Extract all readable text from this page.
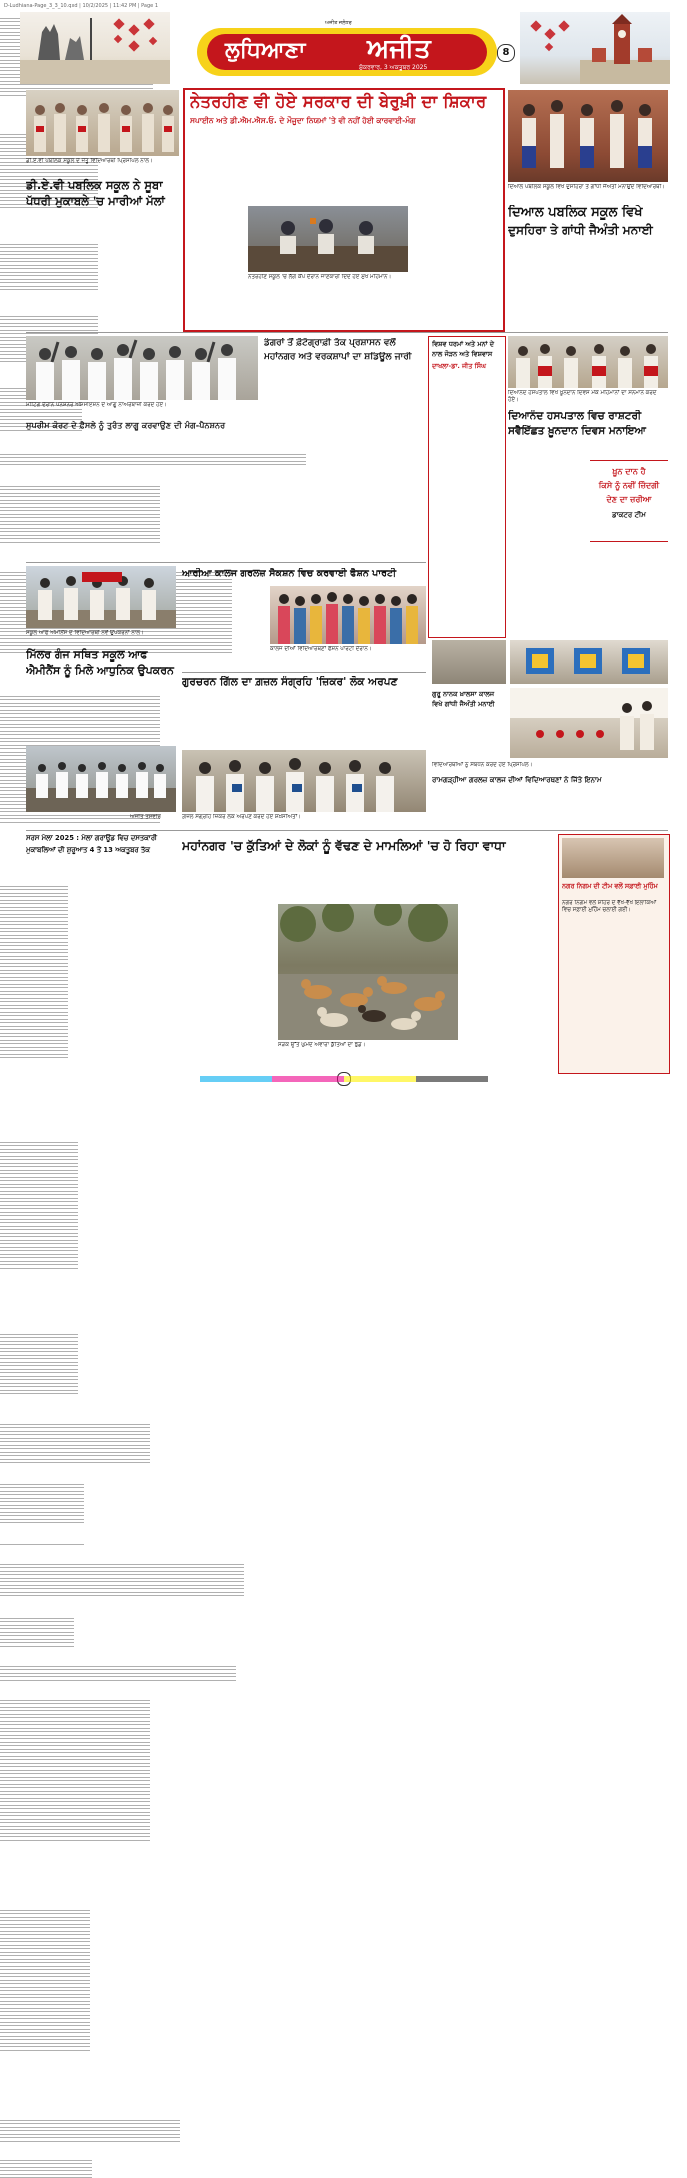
D-Ludhiana-Page_3_3_10.qxd | 10/2/2025 | 11:42 PM | Page 1
ਲੁਧਿਆਣਾ ਅਜੀਤ
ਸ਼ੁੱਕਰਵਾਰ, 3 ਅਕਤੂਬਰ 2025
ਅਜੀਤ ਜਲੰਧਰ
8
ਡੀ.ਏ.ਵੀ ਪਬਲਿਕ ਸਕੂਲ ਦੇ ਜੇਤੂ ਵਿਦਿਆਰਥੀ ਪ੍ਰਿੰਸੀਪਲ ਨਾਲ।
ਡੀ.ਏ.ਵੀ ਪਬਲਿਕ ਸਕੂਲ ਨੇ ਸੂਬਾ
ਪੱਧਰੀ ਮੁਕਾਬਲੇ 'ਚ ਮਾਰੀਆਂ ਮੱਲਾਂ

ਨੇਤਰਹੀਣ ਵੀ ਹੋਏ ਸਰਕਾਰ ਦੀ ਬੇਰੁਖ਼ੀ ਦਾ ਸ਼ਿਕਾਰ
ਸਪਾਈਨ ਅਤੇ ਡੀ.ਐਮ.ਐਸ.ਓ. ਦੇ ਮੌਜੂਦਾ ਨਿਯਮਾਂ 'ਤੇ ਵੀ ਨਹੀਂ ਹੋਈ ਕਾਰਵਾਈ-ਮੰਗ

ਨੇਤਰਹੀਣ ਸਕੂਲ 'ਚ ਲੱਗੇ ਕੈਂਪ ਦੌਰਾਨ ਜਾਣਕਾਰੀ ਦਿੰਦੇ ਹੋਏ ਮੁੱਖ ਮਹਿਮਾਨ।

ਦਿਆਲ ਪਬਲਿਕ ਸਕੂਲ ਵਿਖੇ ਦੁਸਹਿਰਾ ਤੇ ਗਾਂਧੀ ਜੈਅੰਤੀ ਮਨਾਉਂਦੇ ਵਿਦਿਆਰਥੀ।
ਦਿਆਲ ਪਬਲਿਕ ਸਕੂਲ ਵਿਖੇ
ਦੁਸਹਿਰਾ ਤੇ ਗਾਂਧੀ ਜੈਅੰਤੀ ਮਨਾਈ

ਮੀਟਿੰਗ ਦੌਰਾਨ ਪੈਨਸ਼ਨਰ ਐਸੋਸੀਏਸ਼ਨ ਦੇ ਆਗੂ ਨਾਅਰੇਬਾਜ਼ੀ ਕਰਦੇ ਹੋਏ।
ਸੁਪਰੀਮ ਕੋਰਟ ਦੇ ਫ਼ੈਸਲੇ ਨੂੰ ਤੁਰੰਤ ਲਾਗੂ ਕਰਵਾਉਣ ਦੀ ਮੰਗ-ਪੈਨਸ਼ਨਰ

ਡੰਗਰਾਂ ਤੋਂ ਫ਼ੋਟੋਗ੍ਰਾਫ਼ੀ ਤੱਕ ਪ੍ਰਸ਼ਾਸਨ ਵਲੋਂ
ਮਹਾਂਨਗਰ ਅਤੇ ਵਰਕਸ਼ਾਪਾਂ ਦਾ ਸ਼ਡਿਊਲ ਜਾਰੀ

ਵਿਸ਼ਵ ਧਰਮਾਂ ਅਤੇ ਮਨਾਂ ਦੇ
ਨਾਲ ਜੋੜਨ ਅਤੇ ਵਿਸ਼ਵਾਸ
ਦਾਖਲਾ-ਡਾ. ਜੀਤ ਸਿੰਘ

ਦਿਆਨੰਦ ਹਸਪਤਾਲ ਵਿਖੇ ਖ਼ੂਨਦਾਨ ਦਿਵਸ ਮੌਕੇ ਮਹਿਮਾਨਾਂ ਦਾ ਸਨਮਾਨ ਕਰਦੇ ਹੋਏ।
ਦਿਆਨੰਦ ਹਸਪਤਾਲ ਵਿਚ ਰਾਸ਼ਟਰੀ
ਸਵੈਇੱਛਤ ਖ਼ੂਨਦਾਨ ਦਿਵਸ ਮਨਾਇਆ

ਖ਼ੂਨ ਦਾਨ ਹੈ
ਕਿਸੇ ਨੂੰ ਨਵੀਂ ਜ਼ਿੰਦਗੀ
ਦੇਣ ਦਾ ਜ਼ਰੀਆ
ਡਾਕਟਰ ਟੀਮ

ਸਕੂਲ ਆਫ ਐਮੀਨੈਂਸ ਦੇ ਵਿਦਿਆਰਥੀ ਨਵੇਂ ਉਪਕਰਨਾਂ ਨਾਲ।
ਮਿੱਲਰ ਗੰਜ ਸਥਿਤ ਸਕੂਲ ਆਫ
ਐਮੀਨੈਂਸ ਨੂੰ ਮਿਲੇ ਆਧੁਨਿਕ ਉਪਕਰਨ

ਅਜੀਤ ਤਸਵੀਰ
ਆਰੀਆ ਕਾਲਜ ਗਰਲਜ਼ ਸੈਕਸ਼ਨ ਵਿਚ ਕਰਵਾਈ ਫੈਸ਼ਨ ਪਾਰਟੀ

ਕਾਲਜ ਦੀਆਂ ਵਿਦਿਆਰਥਣਾਂ ਫੈਸ਼ਨ ਪਾਰਟੀ ਦੌਰਾਨ।

ਗੁਰਚਰਨ ਗਿੱਲ ਦਾ ਗ਼ਜ਼ਲ ਸੰਗ੍ਰਹਿ 'ਜ਼ਿਕਰ' ਲੋਕ ਅਰਪਣ

ਗ਼ਜ਼ਲ ਸੰਗ੍ਰਹਿ ਜ਼ਿਕਰ ਲੋਕ ਅਰਪਣ ਕਰਦੇ ਹੋਏ ਸ਼ਖ਼ਸੀਅਤਾਂ।
ਗੁਰੂ ਨਾਨਕ ਖ਼ਾਲਸਾ ਕਾਲਜ
ਵਿਖੇ ਗਾਂਧੀ ਜੈਅੰਤੀ ਮਨਾਈ

ਵਿਦਿਆਰਥੀਆਂ ਨੂੰ ਸੰਬੋਧਨ ਕਰਦੇ ਹੋਏ ਪ੍ਰਿੰਸੀਪਲ।
ਰਾਮਗੜ੍ਹੀਆ ਗਰਲਜ਼ ਕਾਲਜ ਦੀਆਂ ਵਿਦਿਆਰਥਣਾਂ ਨੇ ਜਿੱਤੇ ਇਨਾਮ

ਸਰਸ ਮੇਲਾ 2025 : ਮੇਲਾ ਗਰਾਊਂਡ ਵਿਚ ਦਸਤਕਾਰੀ
ਮੁਕਾਬਲਿਆਂ ਦੀ ਸ਼ੁਰੂਆਤ 4 ਤੋਂ 13 ਅਕਤੂਬਰ ਤੱਕ

	ਮਹਾਂਨਗਰ 'ਚ ਕੁੱਤਿਆਂ ਦੇ ਲੋਕਾਂ ਨੂੰ ਵੱਢਣ ਦੇ ਮਾਮਲਿਆਂ 'ਚ ਹੋ ਰਿਹਾ ਵਾਧਾ

ਸੜਕ ਉੱਤੇ ਘੁੰਮਦੇ ਅਵਾਰਾ ਕੁੱਤਿਆਂ ਦਾ ਝੁੰਡ।

ਨਗਰ ਨਿਗਮ ਦੀ ਟੀਮ ਵਲੋਂ ਸਫ਼ਾਈ ਮੁਹਿੰਮ
ਨਗਰ ਨਿਗਮ ਵਲੋਂ ਸ਼ਹਿਰ ਦੇ ਵੱਖ-ਵੱਖ ਇਲਾਕਿਆਂ ਵਿਚ ਸਫ਼ਾਈ ਮੁਹਿੰਮ ਚਲਾਈ ਗਈ।
